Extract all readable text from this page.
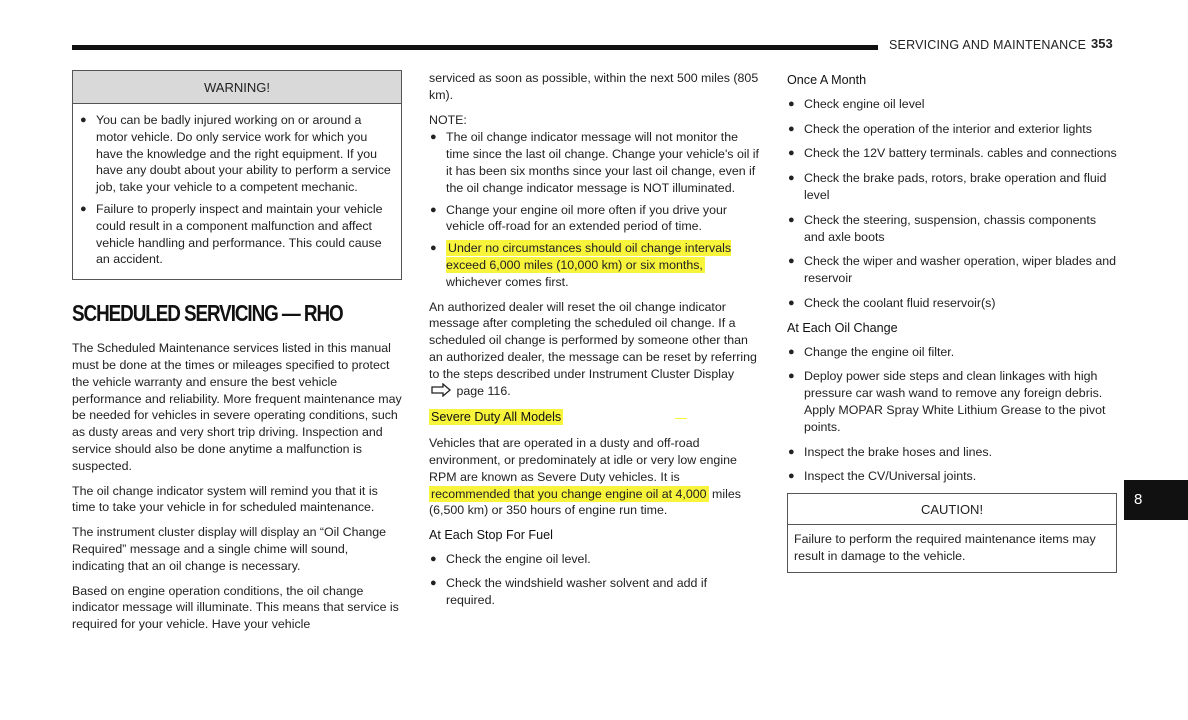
SERVICING AND MAINTENANCE 353
8
WARNING!
● You can be badly injured working on or around a motor vehicle. Do only service work for which you have the knowledge and the right equipment. If you have any doubt about your ability to perform a service job, take your vehicle to a competent mechanic.
● Failure to properly inspect and maintain your vehicle could result in a component malfunction and affect vehicle handling and performance. This could cause an accident.
SCHEDULED SERVICING — RHO

The Scheduled Maintenance services listed in this manual must be done at the times or mileages specified to protect the vehicle warranty and ensure the best vehicle performance and reliability. More frequent maintenance may be needed for vehicles in severe operating conditions, such as dusty areas and very short trip driving. Inspection and service should also be done anytime a malfunction is suspected.

The oil change indicator system will remind you that it is time to take your vehicle in for scheduled maintenance.

The instrument cluster display will display an “Oil Change Required” message and a single chime will sound, indicating that an oil change is necessary.

Based on engine operation conditions, the oil change indicator message will illuminate. This means that service is required for your vehicle. Have your vehicle

serviced as soon as possible, within the next 500 miles (805 km).

NOTE:
● The oil change indicator message will not monitor the time since the last oil change. Change your vehicle's oil if it has been six months since your last oil change, even if the oil change indicator message is NOT illuminated.
● Change your engine oil more often if you drive your vehicle off-road for an extended period of time.
● Under no circumstances should oil change intervals exceed 6,000 miles (10,000 km) or six months, whichever comes first.

An authorized dealer will reset the oil change indicator message after completing the scheduled oil change. If a scheduled oil change is performed by someone other than an authorized dealer, the message can be reset by referring to the steps described under Instrument Cluster Display  page 116.

Severe Duty All Models

Vehicles that are operated in a dusty and off-road environment, or predominately at idle or very low engine RPM are known as Severe Duty vehicles. It is recommended that you change engine oil at 4,000 miles (6,500 km) or 350 hours of engine run time.

At Each Stop For Fuel
● Check the engine oil level.
● Check the windshield washer solvent and add if required.
Once A Month
● Check engine oil level
● Check the operation of the interior and exterior lights
● Check the 12V battery terminals. cables and connections
● Check the brake pads, rotors, brake operation and fluid level
● Check the steering, suspension, chassis components and axle boots
● Check the wiper and washer operation, wiper blades and reservoir
● Check the coolant fluid reservoir(s)
At Each Oil Change
● Change the engine oil filter.
● Deploy power side steps and clean linkages with high pressure car wash wand to remove any foreign debris. Apply MOPAR Spray White Lithium Grease to the pivot points.
● Inspect the brake hoses and lines.
● Inspect the CV/Universal joints.
CAUTION!
Failure to perform the required maintenance items may result in damage to the vehicle.
